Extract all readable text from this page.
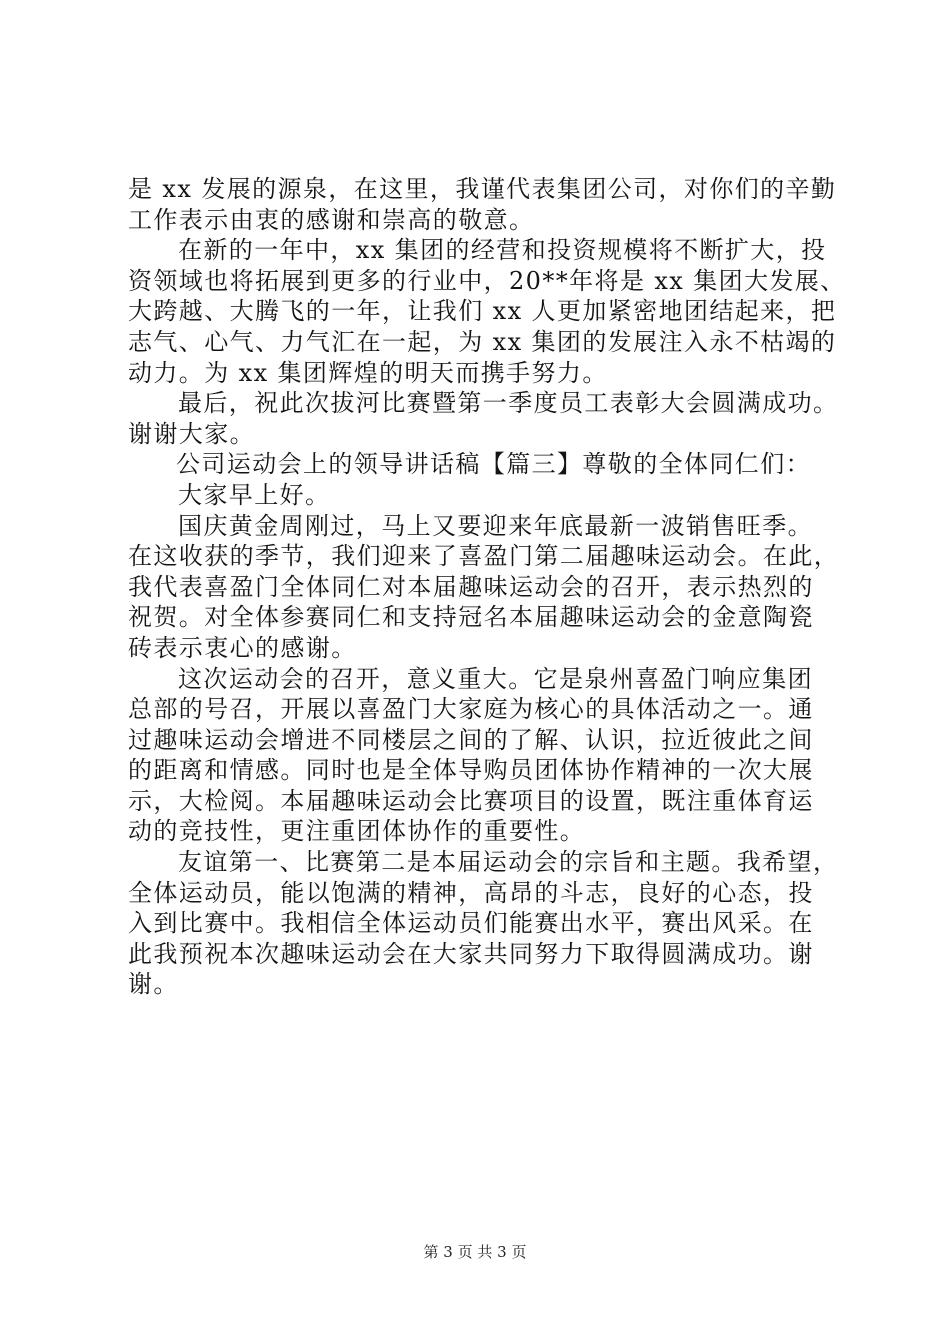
是 xx 发展的源泉，在这里，我谨代表集团公司，对你们的辛勤
工作表示由衷的感谢和崇高的敬意。
在新的一年中，xx 集团的经营和投资规模将不断扩大，投
资领域也将拓展到更多的行业中，20**年将是 xx 集团大发展、
大跨越、大腾飞的一年，让我们 xx 人更加紧密地团结起来，把
志气、心气、力气汇在一起，为 xx 集团的发展注入永不枯竭的
动力。为 xx 集团辉煌的明天而携手努力。
最后，祝此次拔河比赛暨第一季度员工表彰大会圆满成功。
谢谢大家。
公司运动会上的领导讲话稿【篇三】尊敬的全体同仁们：
大家早上好。
国庆黄金周刚过，马上又要迎来年底最新一波销售旺季。
在这收获的季节，我们迎来了喜盈门第二届趣味运动会。在此，
我代表喜盈门全体同仁对本届趣味运动会的召开，表示热烈的
祝贺。对全体参赛同仁和支持冠名本届趣味运动会的金意陶瓷
砖表示衷心的感谢。
这次运动会的召开，意义重大。它是泉州喜盈门响应集团
总部的号召，开展以喜盈门大家庭为核心的具体活动之一。通
过趣味运动会增进不同楼层之间的了解、认识，拉近彼此之间
的距离和情感。同时也是全体导购员团体协作精神的一次大展
示，大检阅。本届趣味运动会比赛项目的设置，既注重体育运
动的竞技性，更注重团体协作的重要性。
友谊第一、比赛第二是本届运动会的宗旨和主题。我希望，
全体运动员，能以饱满的精神，高昂的斗志，良好的心态，投
入到比赛中。我相信全体运动员们能赛出水平，赛出风采。在
此我预祝本次趣味运动会在大家共同努力下取得圆满成功。谢
谢。
第 3 页 共 3 页
